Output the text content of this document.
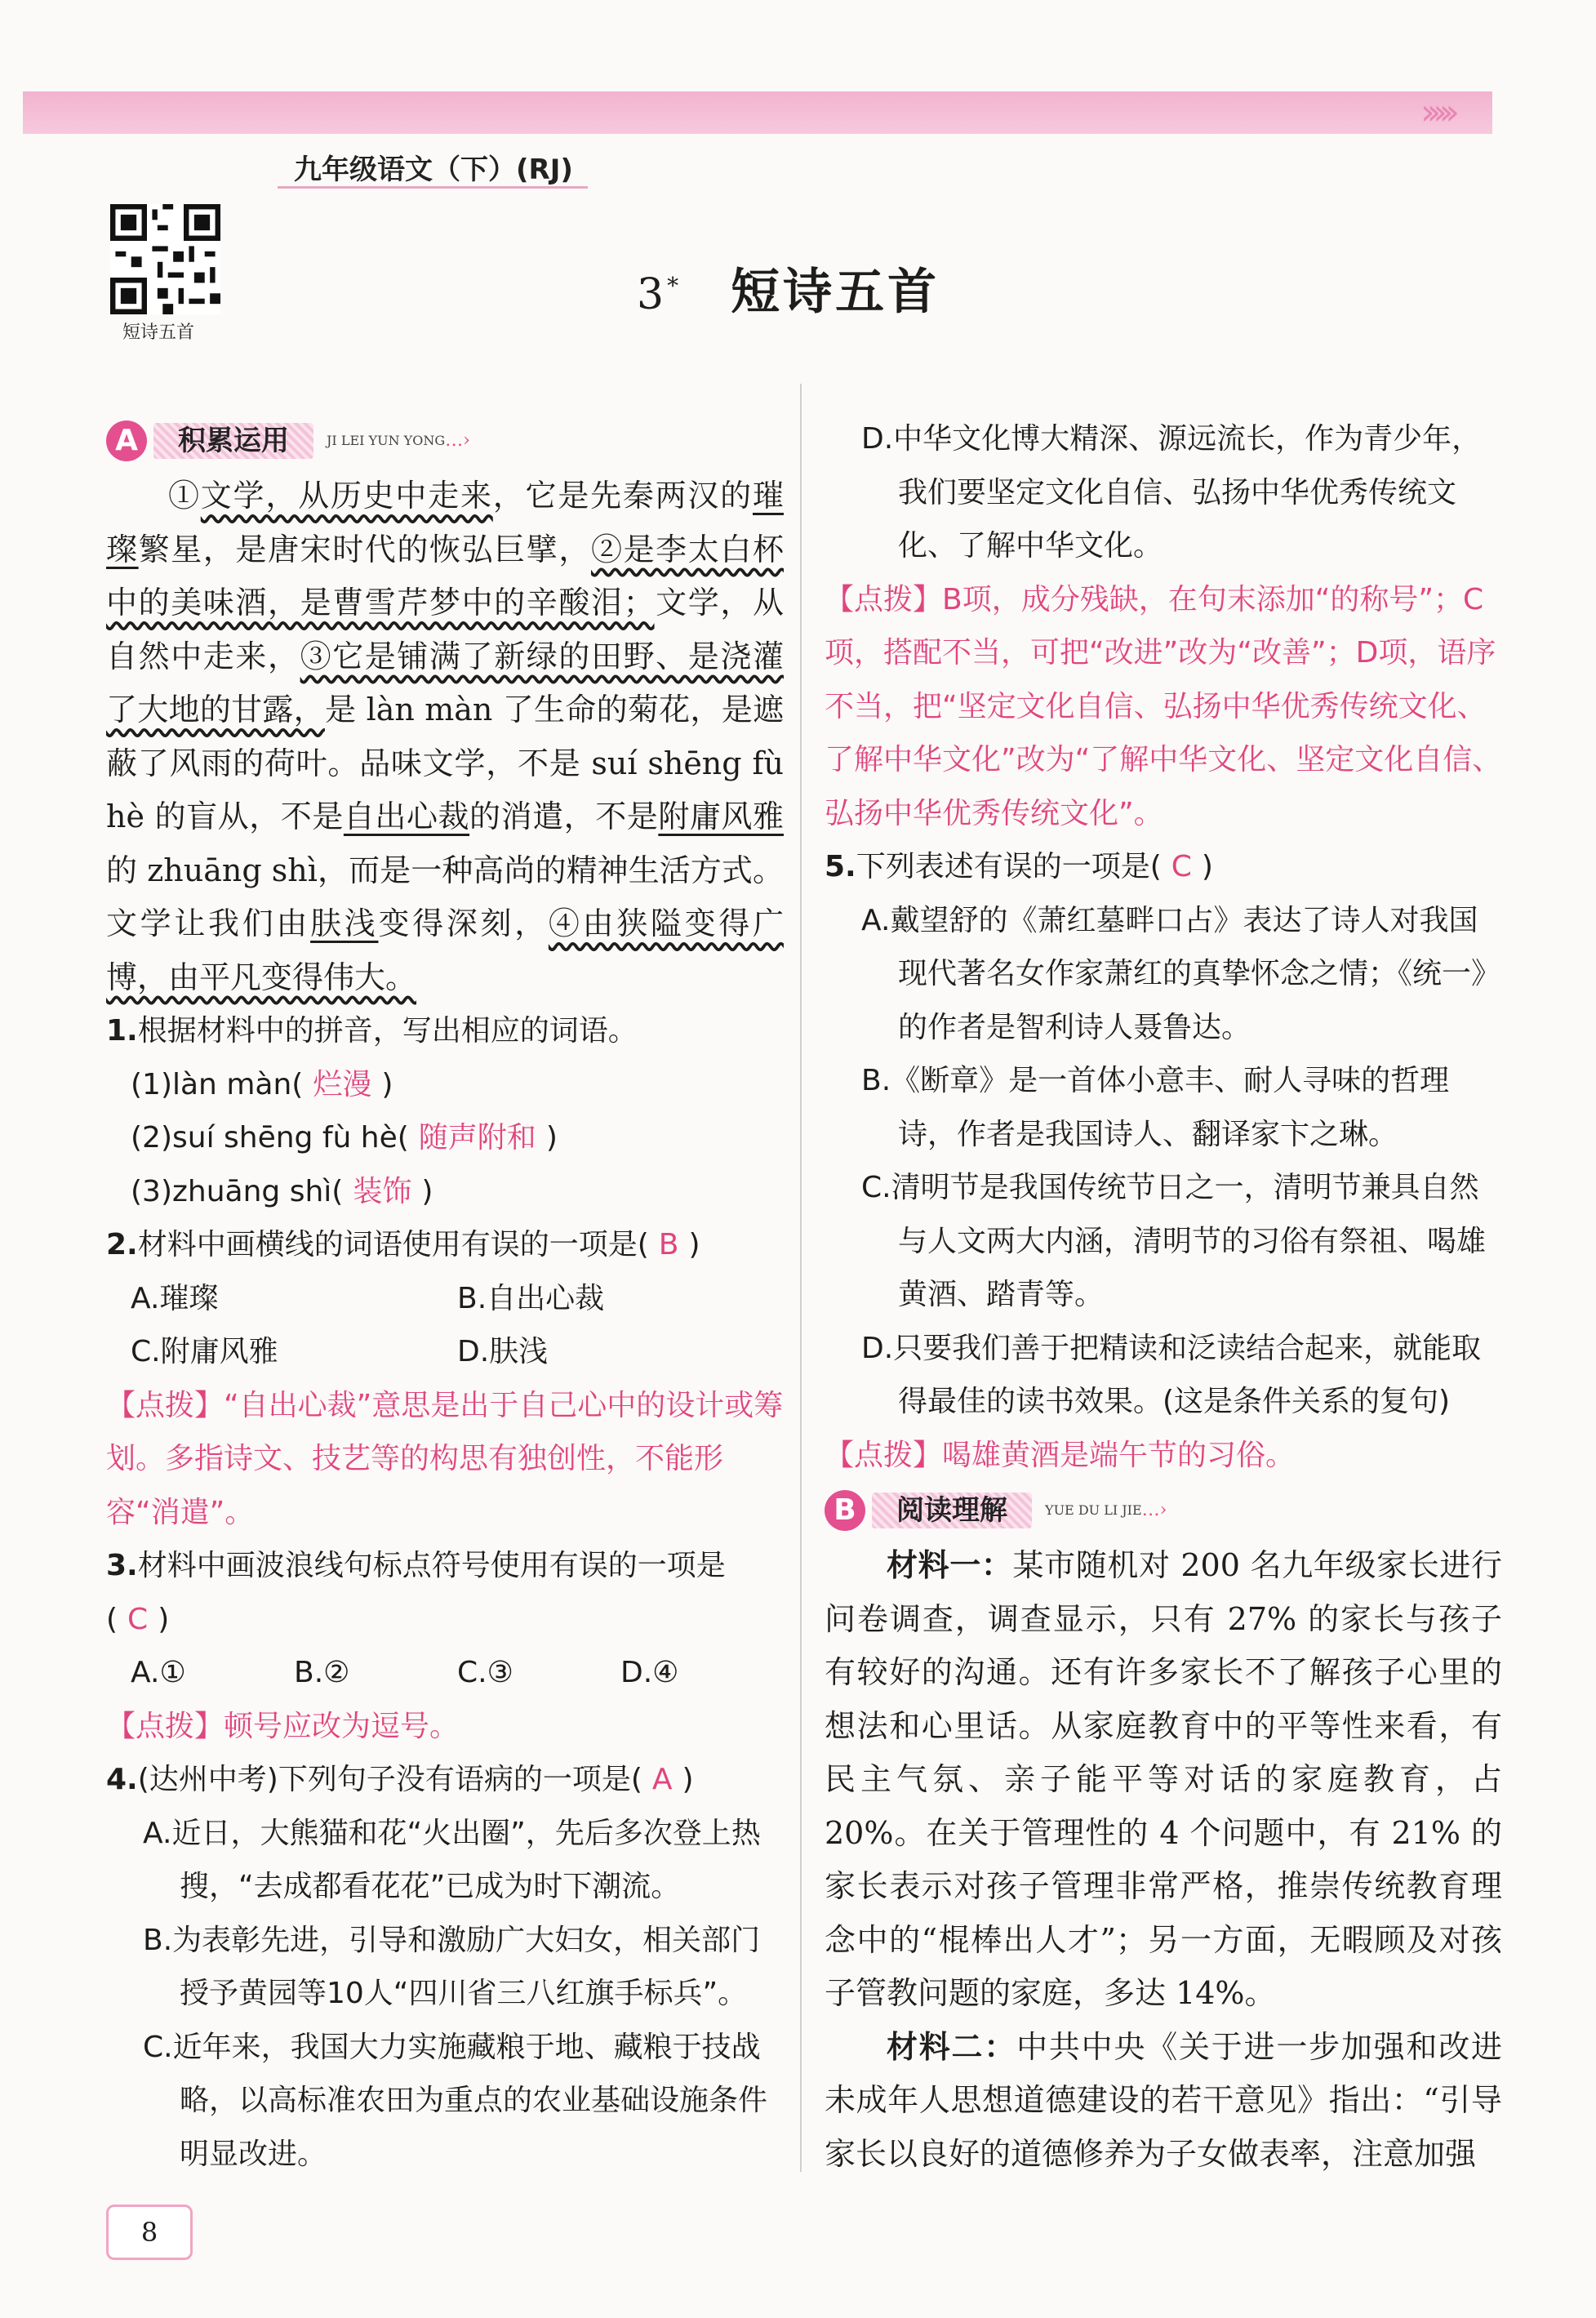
›››››
九年级语文（下）(RJ)
短诗五首
3* 短诗五首
A	积累运用	JI LEI YUN YONG …›
①文学，从历史中走来，它是先秦两汉的璀璨繁星，是唐宋时代的恢弘巨擘，②是李太白杯中的美味酒，是曹雪芹梦中的辛酸泪；文学，从自然中走来，③它是铺满了新绿的田野、是浇灌了大地的甘露，是 làn màn 了生命的菊花，是遮蔽了风雨的荷叶。品味文学，不是 suí shēng fù hè 的盲从，不是自出心裁的消遣，不是附庸风雅的 zhuāng shì，而是一种高尚的精神生活方式。文学让我们由肤浅变得深刻，④由狭隘变得广博，由平凡变得伟大。
1.根据材料中的拼音，写出相应的词语。
(1)làn màn( 烂漫 )
(2)suí shēng fù hè( 随声附和 )
(3)zhuāng shì( 装饰 )
2.材料中画横线的词语使用有误的一项是( B )
A.璀璨	B.自出心裁
C.附庸风雅	D.肤浅
【点拨】“自出心裁”意思是出于自己心中的设计或筹划。多指诗文、技艺等的构思有独创性，不能形容“消遣”。
3.材料中画波浪线句标点符号使用有误的一项是( C )
A.①	B.②	C.③	D.④
【点拨】顿号应改为逗号。
4.(达州中考)下列句子没有语病的一项是( A )
A.近日，大熊猫和花“火出圈”，先后多次登上热搜，“去成都看花花”已成为时下潮流。
B.为表彰先进，引导和激励广大妇女，相关部门授予黄园等10人“四川省三八红旗手标兵”。
C.近年来，我国大力实施藏粮于地、藏粮于技战略，以高标准农田为重点的农业基础设施条件明显改进。
D.中华文化博大精深、源远流长，作为青少年，我们要坚定文化自信、弘扬中华优秀传统文化、了解中华文化。
【点拨】B项，成分残缺，在句末添加“的称号”；C项，搭配不当，可把“改进”改为“改善”；D项，语序不当，把“坚定文化自信、弘扬中华优秀传统文化、了解中华文化”改为“了解中华文化、坚定文化自信、弘扬中华优秀传统文化”。
5.下列表述有误的一项是( C )
A.戴望舒的《萧红墓畔口占》表达了诗人对我国现代著名女作家萧红的真挚怀念之情；《统一》的作者是智利诗人聂鲁达。
B.《断章》是一首体小意丰、耐人寻味的哲理诗，作者是我国诗人、翻译家卞之琳。
C.清明节是我国传统节日之一，清明节兼具自然与人文两大内涵，清明节的习俗有祭祖、喝雄黄酒、踏青等。
D.只要我们善于把精读和泛读结合起来，就能取得最佳的读书效果。(这是条件关系的复句)
【点拨】喝雄黄酒是端午节的习俗。
B	阅读理解	YUE DU LI JIE …›
材料一：某市随机对 200 名九年级家长进行问卷调查，调查显示，只有 27% 的家长与孩子有较好的沟通。还有许多家长不了解孩子心里的想法和心里话。从家庭教育中的平等性来看，有民主气氛、亲子能平等对话的家庭教育，占 20%。在关于管理性的 4 个问题中，有 21% 的家长表示对孩子管理非常严格，推崇传统教育理念中的“棍棒出人才”；另一方面，无暇顾及对孩子管教问题的家庭，多达 14%。
材料二：中共中央《关于进一步加强和改进未成年人思想道德建设的若干意见》指出：“引导家长以良好的道德修养为子女做表率，注意加强
8
